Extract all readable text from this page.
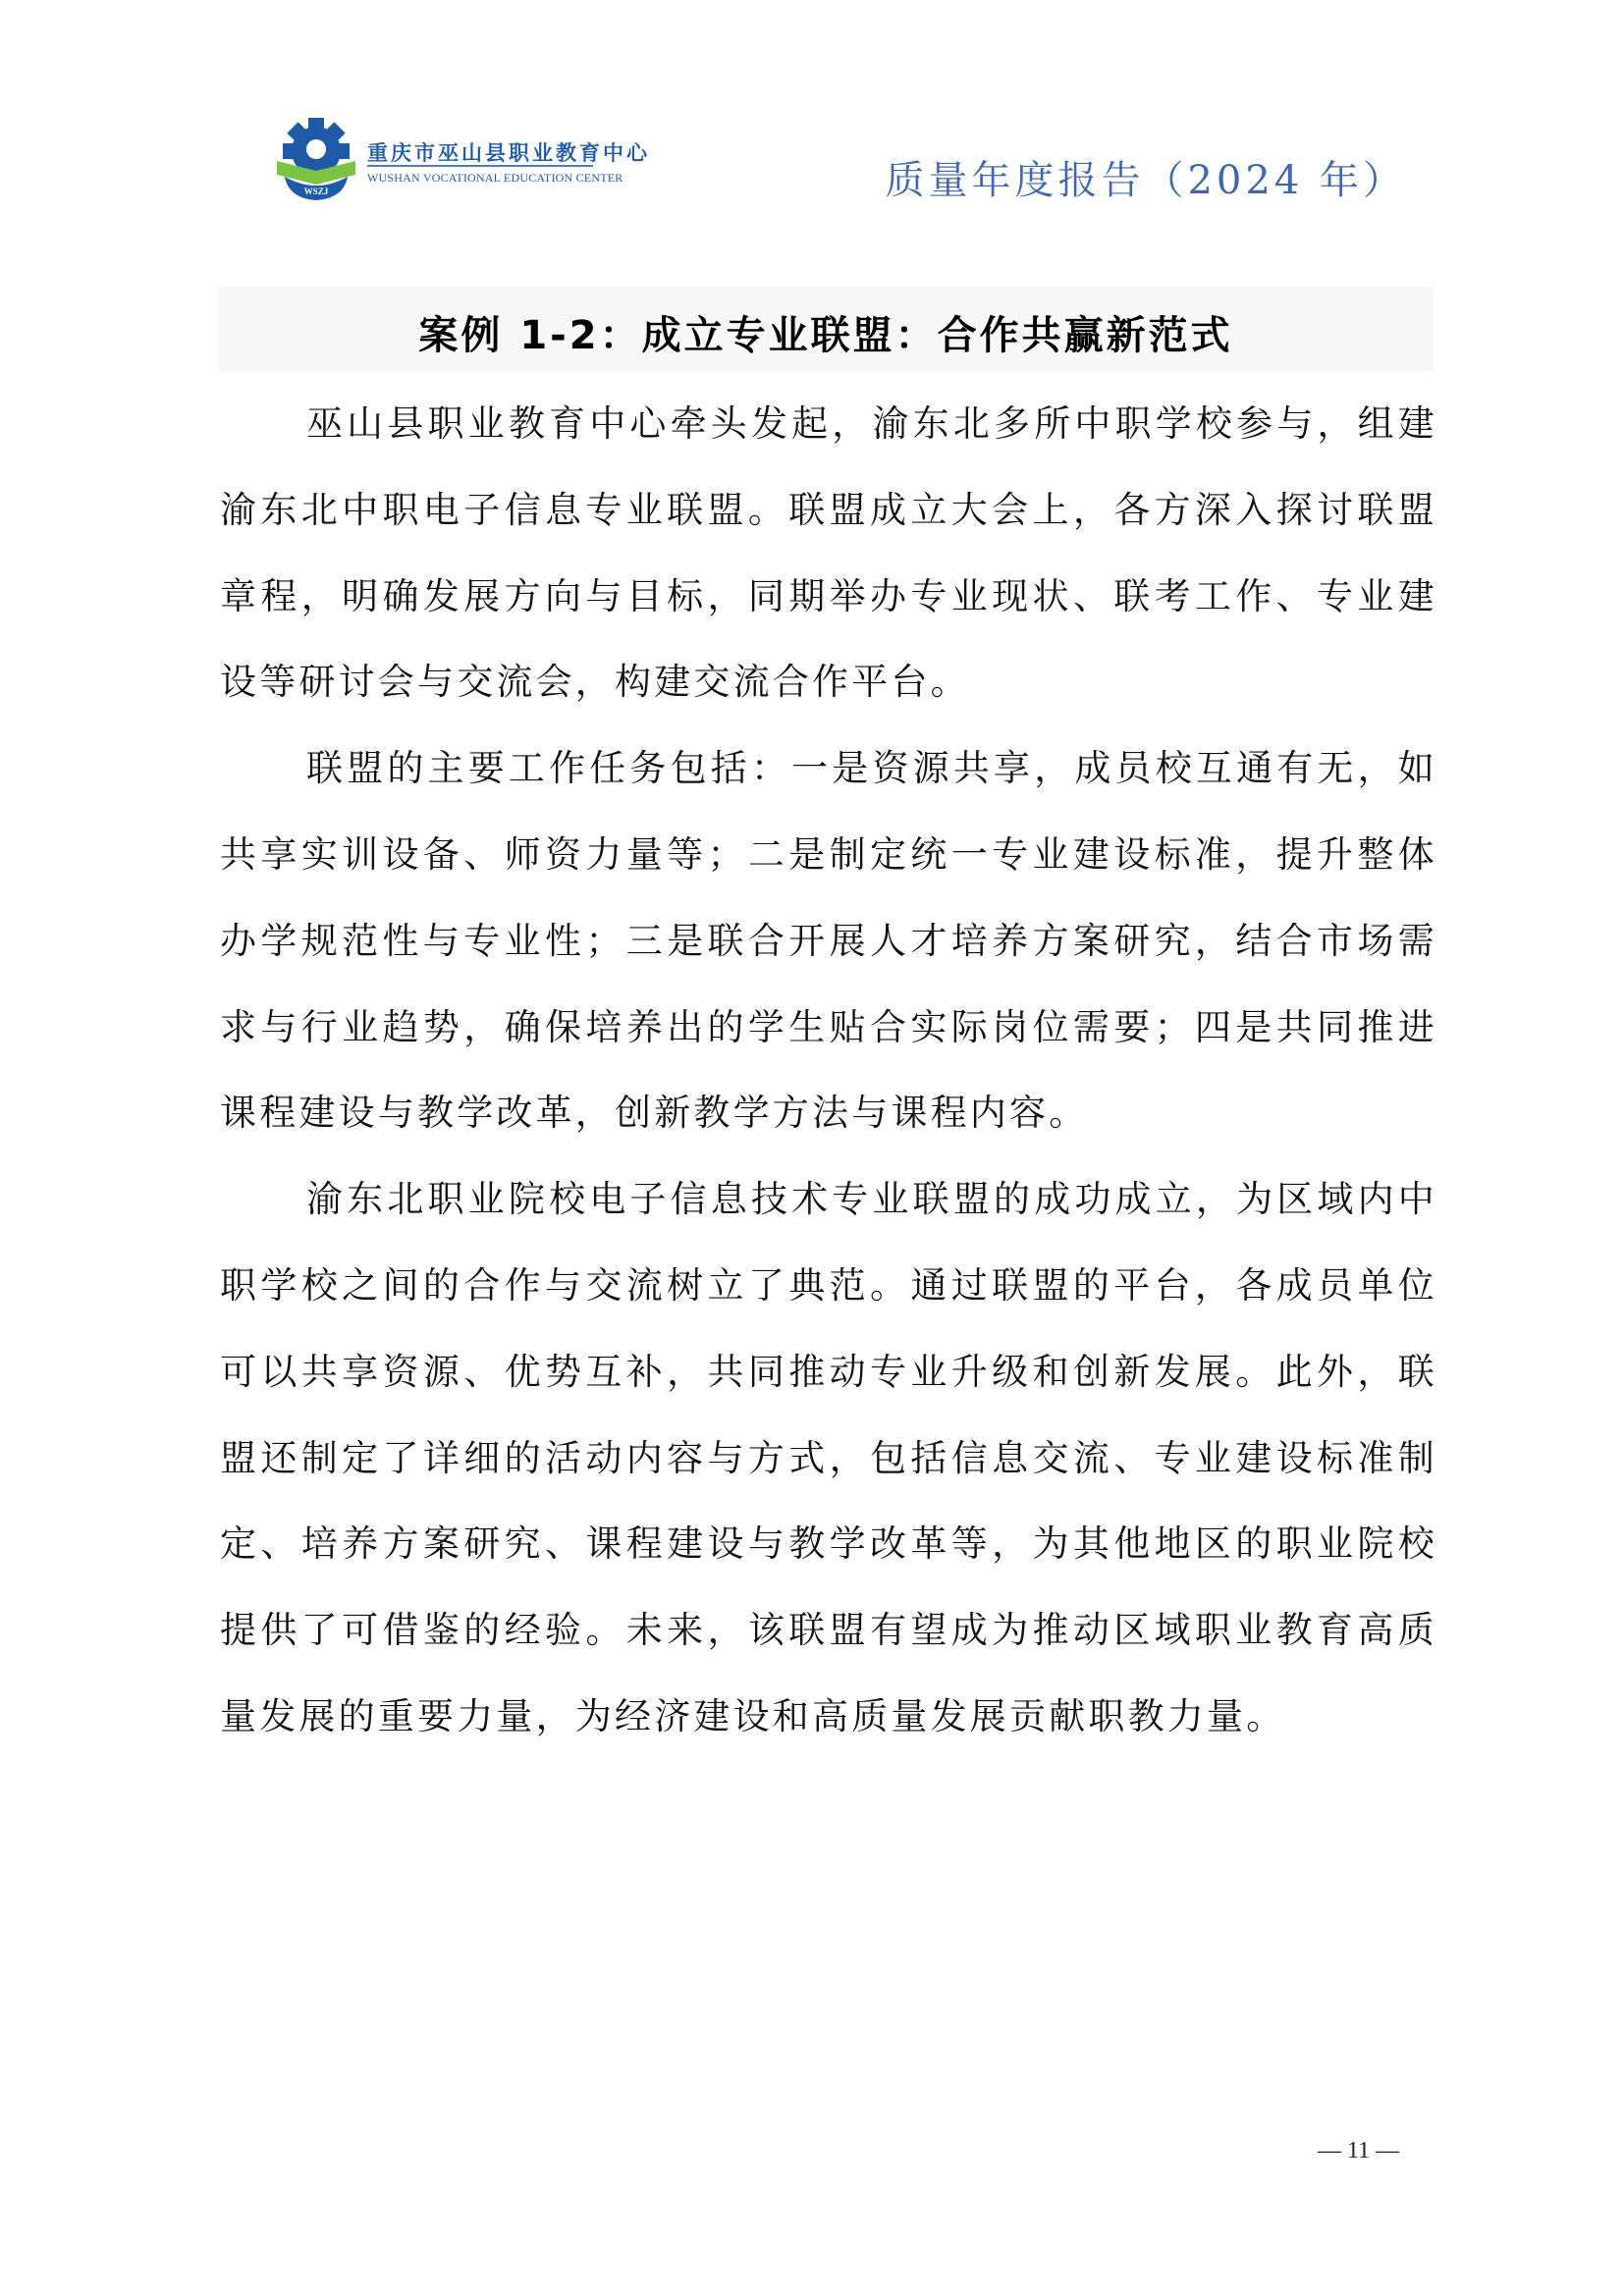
WSZJ
重庆市巫山县职业教育中心
WUSHAN VOCATIONAL EDUCATION CENTER	质量年度报告（2024 年）
案例 1-2：成立专业联盟：合作共赢新范式

巫山县职业教育中心牵头发起，渝东北多所中职学校参与，组建渝东北中职电子信息专业联盟。联盟成立大会上，各方深入探讨联盟章程，明确发展方向与目标，同期举办专业现状、联考工作、专业建设等研讨会与交流会，构建交流合作平台。

联盟的主要工作任务包括：一是资源共享，成员校互通有无，如共享实训设备、师资力量等；二是制定统一专业建设标准，提升整体办学规范性与专业性；三是联合开展人才培养方案研究，结合市场需求与行业趋势，确保培养出的学生贴合实际岗位需要；四是共同推进课程建设与教学改革，创新教学方法与课程内容。

渝东北职业院校电子信息技术专业联盟的成功成立，为区域内中职学校之间的合作与交流树立了典范。通过联盟的平台，各成员单位可以共享资源、优势互补，共同推动专业升级和创新发展。此外，联盟还制定了详细的活动内容与方式，包括信息交流、专业建设标准制定、培养方案研究、课程建设与教学改革等，为其他地区的职业院校提供了可借鉴的经验。未来，该联盟有望成为推动区域职业教育高质量发展的重要力量，为经济建设和高质量发展贡献职教力量。

— 11 —
